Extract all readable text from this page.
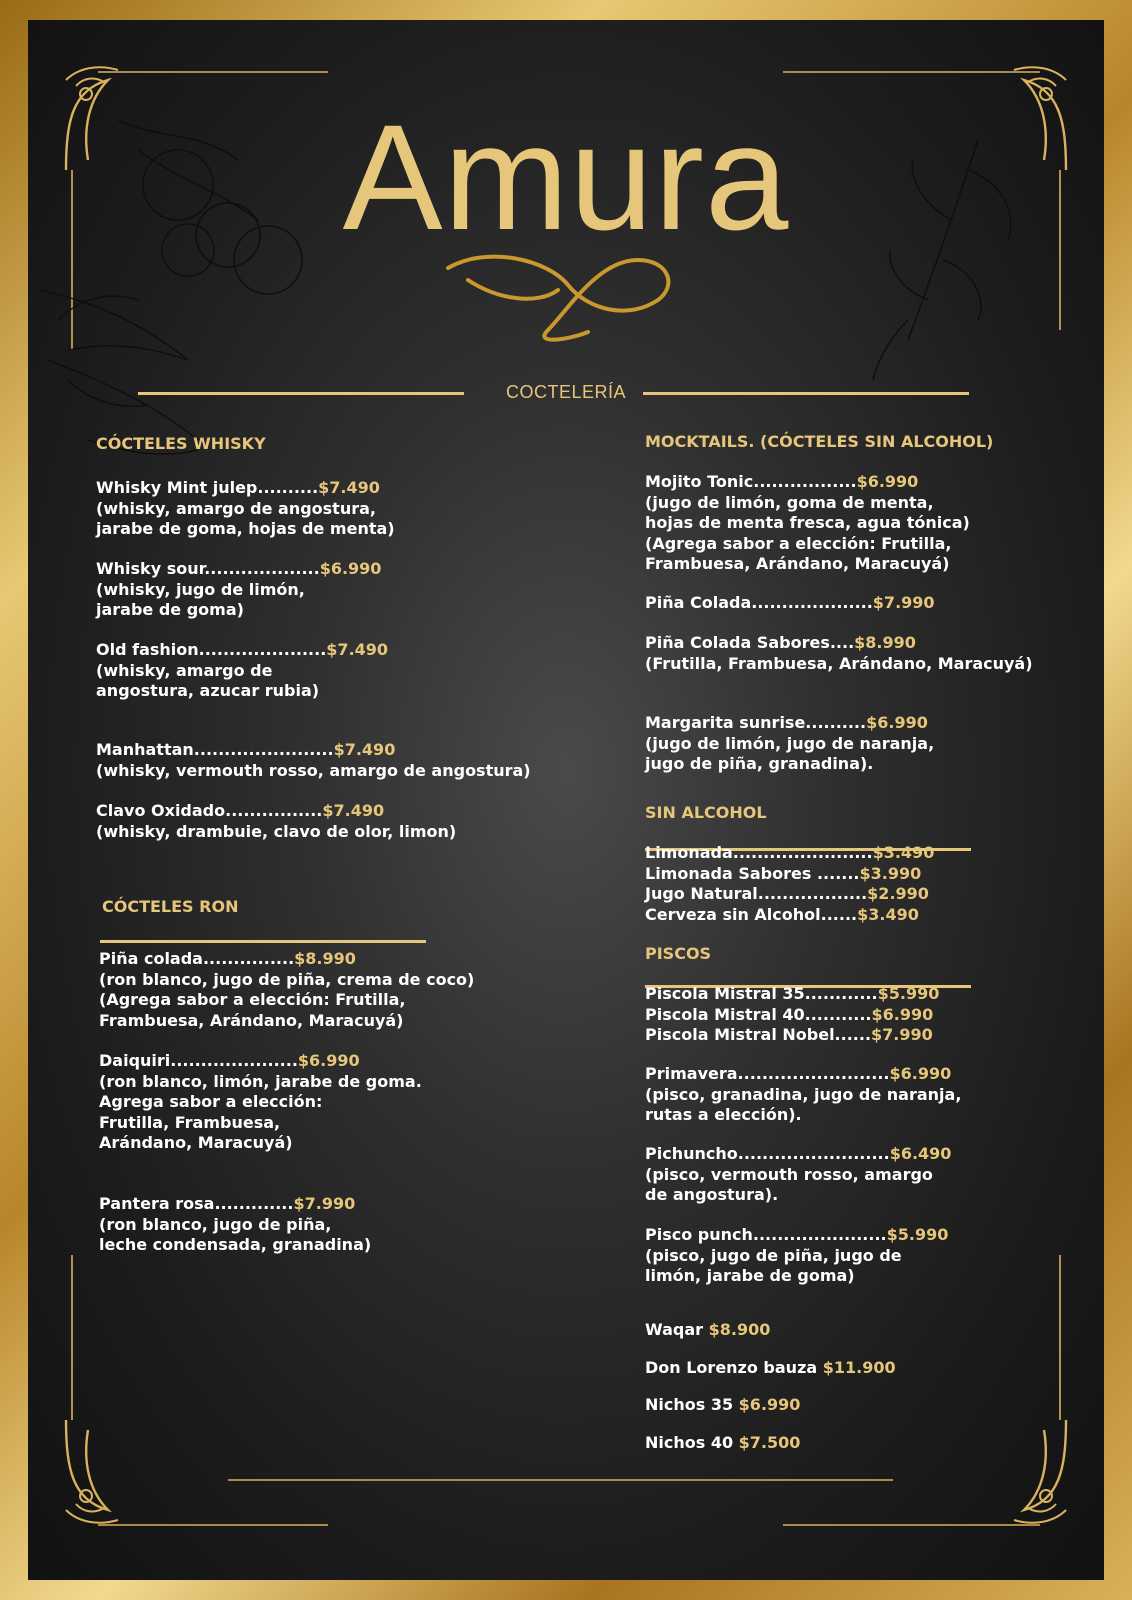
Amura
COCTELERÍA
CÓCTELES WHISKY

Whisky Mint julep..........$7.490

(whisky, amargo de angostura,
jarabe de goma, hojas de menta)

Whisky sour...................$6.990

(whisky, jugo de limón,
jarabe de goma)

Old fashion.....................$7.490

(whisky, amargo de
angostura, azucar rubia)

Manhattan.......................$7.490

(whisky, vermouth rosso, amargo de angostura)

Clavo Oxidado................$7.490

(whisky, drambuie, clavo de olor, limon)

CÓCTELES RON

Piña colada...............$8.990

(ron blanco, jugo de piña, crema de coco)
(Agrega sabor a elección: Frutilla,
Frambuesa, Arándano, Maracuyá)

Daiquiri.....................$6.990

(ron blanco, limón, jarabe de goma.
Agrega sabor a elección:
Frutilla, Frambuesa,
Arándano, Maracuyá)

Pantera rosa.............$7.990

(ron blanco, jugo de piña,
leche condensada, granadina)

MOCKTAILS. (CÓCTELES SIN ALCOHOL)

Mojito Tonic.................$6.990

(jugo de limón, goma de menta,
hojas de menta fresca, agua tónica)
(Agrega sabor a elección: Frutilla,
Frambuesa, Arándano, Maracuyá)

Piña Colada....................$7.990

Piña Colada Sabores....$8.990

(Frutilla, Frambuesa, Arándano, Maracuyá)

Margarita sunrise..........$6.990

(jugo de limón, jugo de naranja,
jugo de piña, granadina).

SIN ALCOHOL

Limonada.......................$3.490

Limonada Sabores .......$3.990

Jugo Natural..................$2.990

Cerveza sin Alcohol......$3.490

PISCOS

Piscola Mistral 35............$5.990

Piscola Mistral 40...........$6.990

Piscola Mistral Nobel......$7.990

Primavera.........................$6.990

(pisco, granadina, jugo de naranja,
rutas a elección).

Pichuncho.........................$6.490

(pisco, vermouth rosso, amargo
de angostura).

Pisco punch......................$5.990

(pisco, jugo de piña, jugo de
limón, jarabe de goma)

Waqar $8.900

Don Lorenzo bauza $11.900

Nichos 35 $6.990

Nichos 40 $7.500
